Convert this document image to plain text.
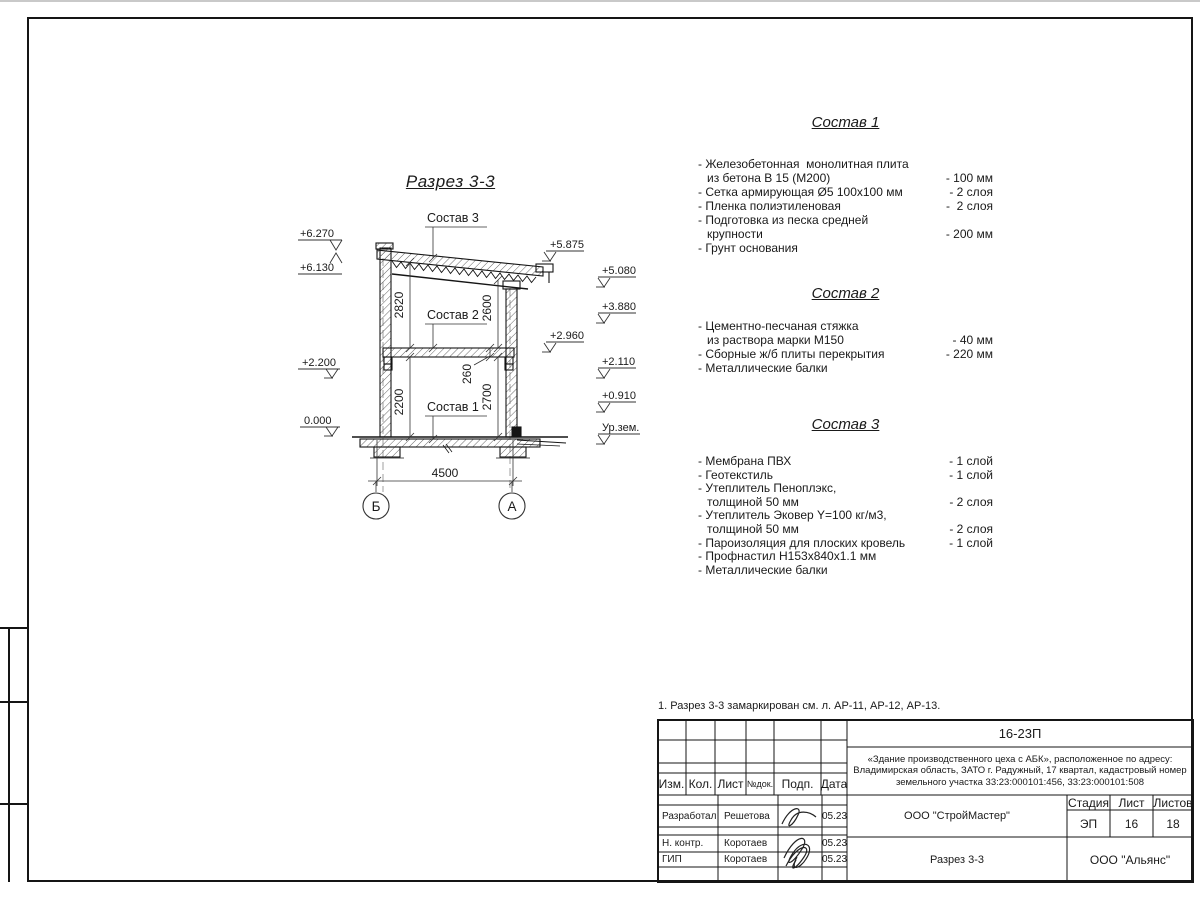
Разрез 3-3
Состав 3
Состав 2
Состав 1
2820	2600
260
2700
2200
4500
Б	А
+6.270
+6.130
+2.200
0.000
+5.875
+5.080
+3.880
+2.960
+2.110
+0.910
Ур.зем.
Состав 1
- Железобетонная  монолитная плита
из бетона В 15 (М200)	- 100 мм
- Сетка армирующая Ø5 100x100 мм	- 2 слоя
- Пленка полиэтиленовая	-  2 слоя
- Подготовка из песка средней
крупности	- 200 мм
- Грунт основания
Состав 2
- Цементно-песчаная стяжка
из раствора марки М150	- 40 мм
- Сборные ж/б плиты перекрытия	- 220 мм
- Металлические балки
Состав 3
- Мембрана ПВХ	- 1 слой
- Геотекстиль	- 1 слой
- Утеплитель Пеноплэкс,
толщиной 50 мм	- 2 слоя
- Утеплитель Эковер Y=100 кг/м3,
толщиной 50 мм	- 2 слоя
- Пароизоляция для плоских кровель	- 1 слой
- Профнастил Н153х840х1.1 мм
- Металлические балки
1. Разрез 3-3 замаркирован см. л. АР-11, АР-12, АР-13.
Изм. Кол. Лист №док. Подп. Дата
Разработал Решетова	05.23
Н. контр.	Коротаев	05.23
ГИП	Коротаев	05.23
16-23П
«Здание производственного цеха с АБК», расположенное по адресу: Владимирская область, ЗАТО г. Радужный, 17 квартал, кадастровый номер земельного участка 33:23:000101:456, 33:23:000101:508
ООО "СтройМастер"
Стадия Лист Листов
ЭП	16	18
Разрез 3-3	ООО "Альянс"
